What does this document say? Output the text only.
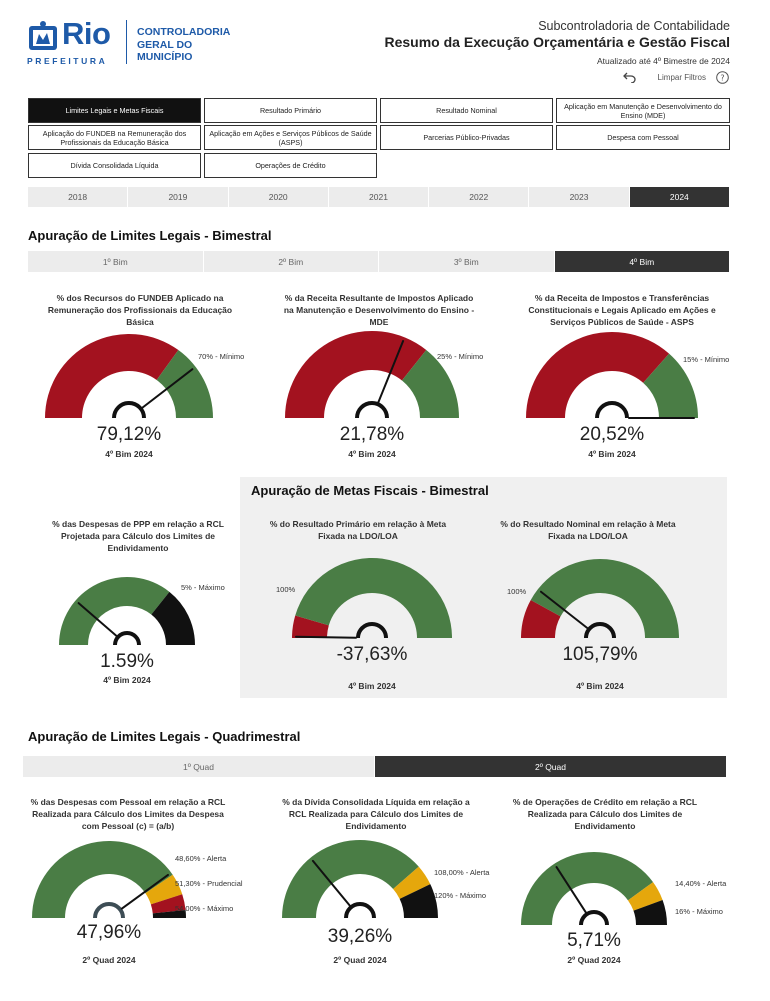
Rio
PREFEITURA
CONTROLADORIA
GERAL DO
MUNICÍPIO
Subcontroladoria de Contabilidade
Resumo da Execução Orçamentária e Gestão Fiscal
Atualizado até 4º Bimestre de 2024
Limpar Filtros ?
Limites Legais e Metas Fiscais	Resultado Primário	Resultado Nominal	Aplicação em Manutenção e Desenvolvimento do Ensino (MDE)
Aplicação do FUNDEB na Remuneração dos Profissionais da Educação Básica
Aplicação em Ações e Serviços Públicos de Saúde (ASPS)	Parcerias Público-Privadas	Despesa com Pessoal
Dívida Consolidada Líquida	Operações de Crédito
2018	2019	2020	2021	2022	2023	2024
Apuração de Limites Legais - Bimestral
1º Bim	2º Bim	3º Bim	4º Bim
% dos Recursos do FUNDEB Aplicado na Remuneração dos Profissionais da Educação Básica
% da Receita Resultante de Impostos Aplicado na Manutenção e Desenvolvimento do Ensino - MDE
% da Receita de Impostos e Transferências Constitucionais e Legais Aplicado em Ações e Serviços Públicos de Saúde - ASPS
Apuração de Metas Fiscais - Bimestral
% das Despesas de PPP em relação a RCL Projetada para Cálculo dos Limites de Endividamento
% do Resultado Primário em relação à Meta Fixada na LDO/LOA
% do Resultado Nominal em relação à Meta Fixada na LDO/LOA
Apuração de Limites Legais - Quadrimestral
1º Quad	2º Quad
% das Despesas com Pessoal em relação a RCL Realizada para Cálculo dos Limites da Despesa com Pessoal (c) = (a/b)
% da Dívida Consolidada Líquida em relação a RCL Realizada para Cálculo dos Limites de Endividamento
% de Operações de Crédito em relação a RCL Realizada para Cálculo dos Limites de Endividamento
79,12%
4º Bim 2024
70% - Mínimo
21,78%
4º Bim 2024
25% - Mínimo
20,52%
4º Bim 2024
15% - Mínimo
1.59%
4º Bim 2024
5% - Máximo
-37,63%
4º Bim 2024
100%
105,79%
4º Bim 2024
100%
47,96%
2º Quad 2024
48,60% - Alerta
51,30% - Prudencial
54,00% - Máximo
39,26%
2º Quad 2024
108,00% - Alerta
120% - Máximo
5,71%
2º Quad 2024
14,40% - Alerta
16% - Máximo
